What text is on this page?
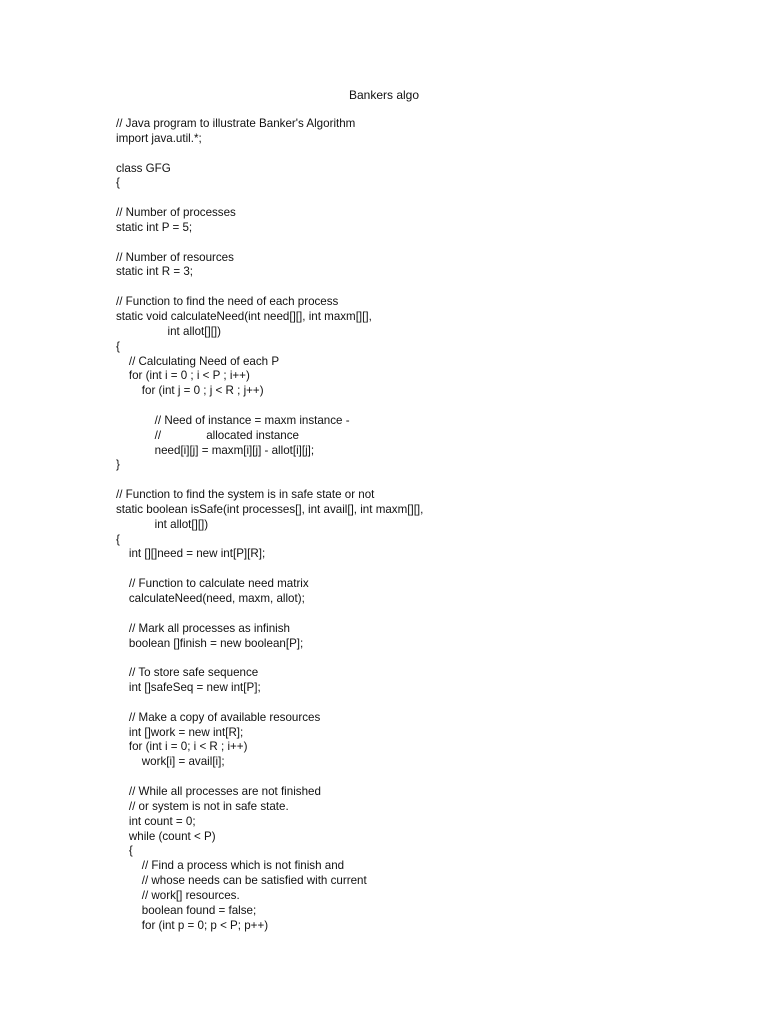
Bankers algo
// Java program to illustrate Banker's Algorithm
import java.util.*;
class GFG
{
// Number of processes
static int P = 5;
// Number of resources
static int R = 3;
// Function to find the need of each process
static void calculateNeed(int need[][], int maxm[][],
int allot[][])
{
// Calculating Need of each P
for (int i = 0 ; i < P ; i++)
for (int j = 0 ; j < R ; j++)
// Need of instance = maxm instance -
//              allocated instance
need[i][j] = maxm[i][j] - allot[i][j];
}
// Function to find the system is in safe state or not
static boolean isSafe(int processes[], int avail[], int maxm[][],
int allot[][])
{
int [][]need = new int[P][R];
// Function to calculate need matrix
calculateNeed(need, maxm, allot);
// Mark all processes as infinish
boolean []finish = new boolean[P];
// To store safe sequence
int []safeSeq = new int[P];
// Make a copy of available resources
int []work = new int[R];
for (int i = 0; i < R ; i++)
work[i] = avail[i];
// While all processes are not finished
// or system is not in safe state.
int count = 0;
while (count < P)
{
// Find a process which is not finish and
// whose needs can be satisfied with current
// work[] resources.
boolean found = false;
for (int p = 0; p < P; p++)
